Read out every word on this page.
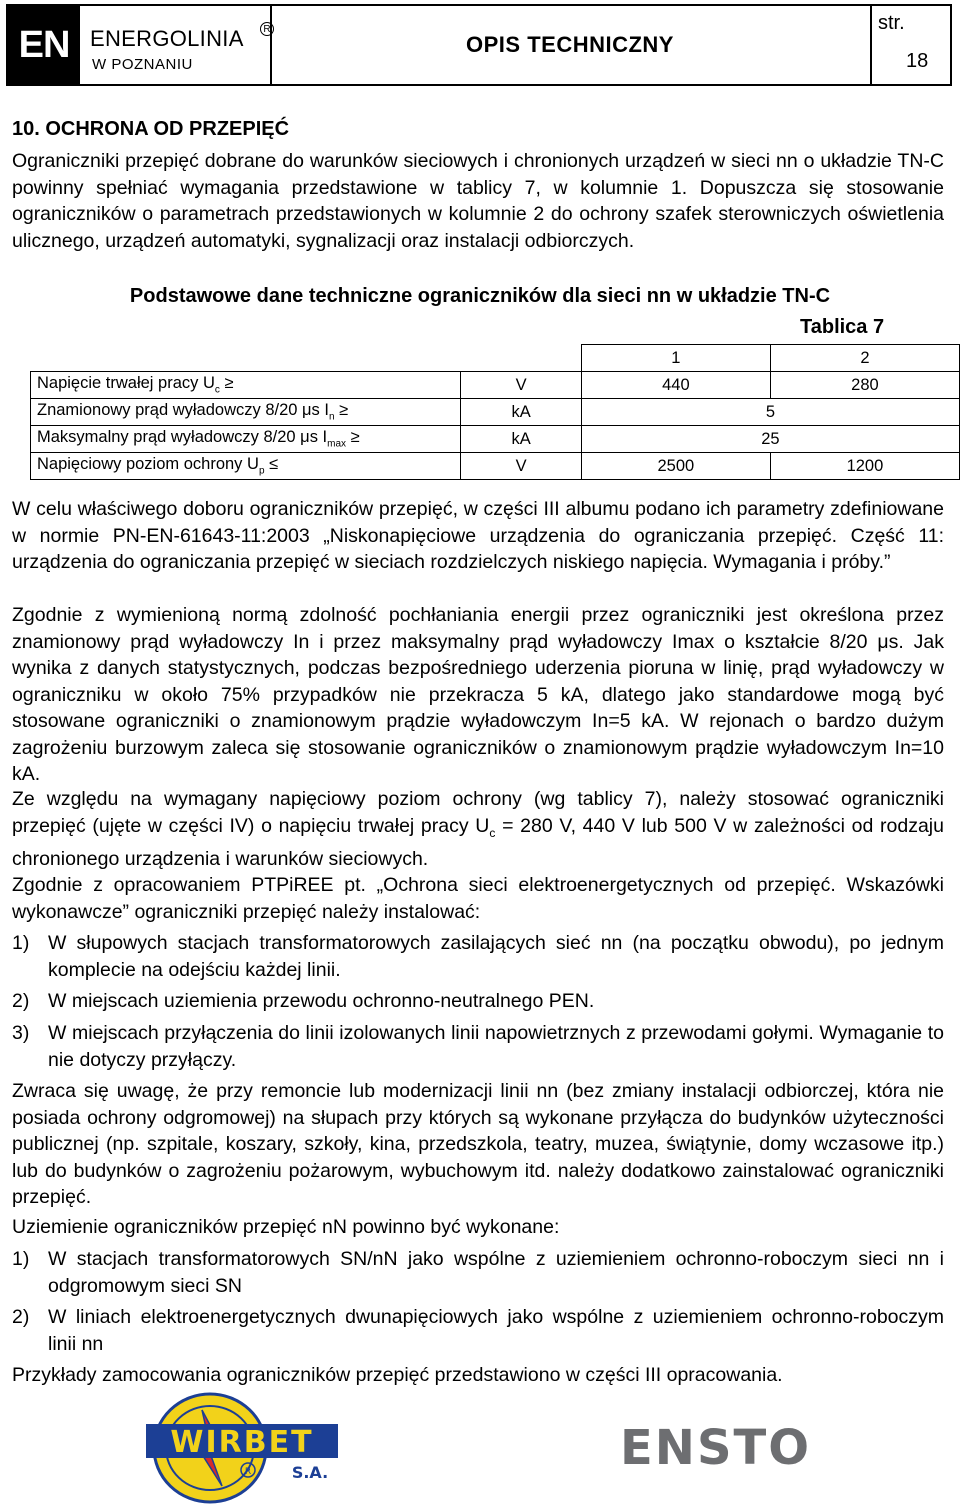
EN ENERGOLINIA	R
W POZNANIU
OPIS TECHNICZNY
str.
18
10. OCHRONA OD PRZEPIĘĆ

Ograniczniki przepięć dobrane do warunków sieciowych i chronionych urządzeń w sieci nn o układzie TN-C powinny spełniać wymagania przedstawione w tablicy 7, w kolumnie 1. Dopuszcza się stosowanie ograniczników o parametrach przedstawionych w kolumnie 2 do ochrony szafek sterowniczych oświetlenia ulicznego, urządzeń automatyki, sygnalizacji oraz instalacji odbiorczych.

Podstawowe dane techniczne ograniczników dla sieci nn w układzie TN-C
Tablica 7
		1	2
Napięcie trwałej pracy $U_c$ ≥	V	440	280
Znamionowy prąd wyładowczy 8/20 μs $I_n$ ≥	kA	5	
Maksymalny prąd wyładowczy 8/20 μs $I_{max}$ ≥	kA	25	
Napięciowy poziom ochrony $U_p$ ≤	V	2500	1200

W celu właściwego doboru ograniczników przepięć, w części III albumu podano ich parametry zdefiniowane w normie PN-EN-61643-11:2003 „Niskonapięciowe urządzenia do ograniczania przepięć. Część 11: urządzenia do ograniczania przepięć w sieciach rozdzielczych niskiego napięcia. Wymagania i próby.”

Zgodnie z wymienioną normą zdolność pochłaniania energii przez ograniczniki jest określona przez znamionowy prąd wyładowczy In i przez maksymalny prąd wyładowczy Imax o kształcie 8/20 μs. Jak wynika z danych statystycznych, podczas bezpośredniego uderzenia pioruna w linię, prąd wyładowczy w ograniczniku w około 75% przypadków nie przekracza 5 kA, dlatego jako standardowe mogą być stosowane ograniczniki o znamionowym prądzie wyładowczym In=5 kA. W rejonach o bardzo dużym zagrożeniu burzowym zaleca się stosowanie ograniczników o znamionowym prądzie wyładowczym In=10 kA.

Ze względu na wymagany napięciowy poziom ochrony (wg tablicy 7), należy stosować ograniczniki przepięć (ujęte w części IV) o napięciu trwałej pracy $U_c = 280$ V, 440 V lub 500 V w zależności od rodzaju chronionego urządzenia i warunków sieciowych.

Zgodnie z opracowaniem PTPiREE pt. „Ochrona sieci elektroenergetycznych od przepięć. Wskazówki wykonawcze” ograniczniki przepięć należy instalować:

1) W słupowych stacjach transformatorowych zasilających sieć nn (na początku obwodu), po jednym komplecie na odejściu każdej linii.
2) W miejscach uziemienia przewodu ochronno-neutralnego PEN.
3) W miejscach przyłączenia do linii izolowanych linii napowietrznych z przewodami gołymi. Wymaganie to nie dotyczy przyłączy.

Zwraca się uwagę, że przy remoncie lub modernizacji linii nn (bez zmiany instalacji odbiorczej, która nie posiada ochrony odgromowej) na słupach przy których są wykonane przyłącza do budynków użyteczności publicznej (np. szpitale, koszary, szkoły, kina, przedszkola, teatry, muzea, świątynie, domy wczasowe itp.) lub do budynków o zagrożeniu pożarowym, wybuchowym itd. należy dodatkowo zainstalować ograniczniki przepięć.

Uziemienie ograniczników przepięć nN powinno być wykonane:

1) W stacjach transformatorowych SN/nN jako wspólne z uziemieniem ochronno-roboczym sieci nn i odgromowym sieci SN
2) W liniach elektroenergetycznych dwunapięciowych jako wspólne z uziemieniem ochronno-roboczym linii nn

Przykłady zamocowania ograniczników przepięć przedstawiono w części III opracowania.

WIRBET
R	S.A.	ENSTO
